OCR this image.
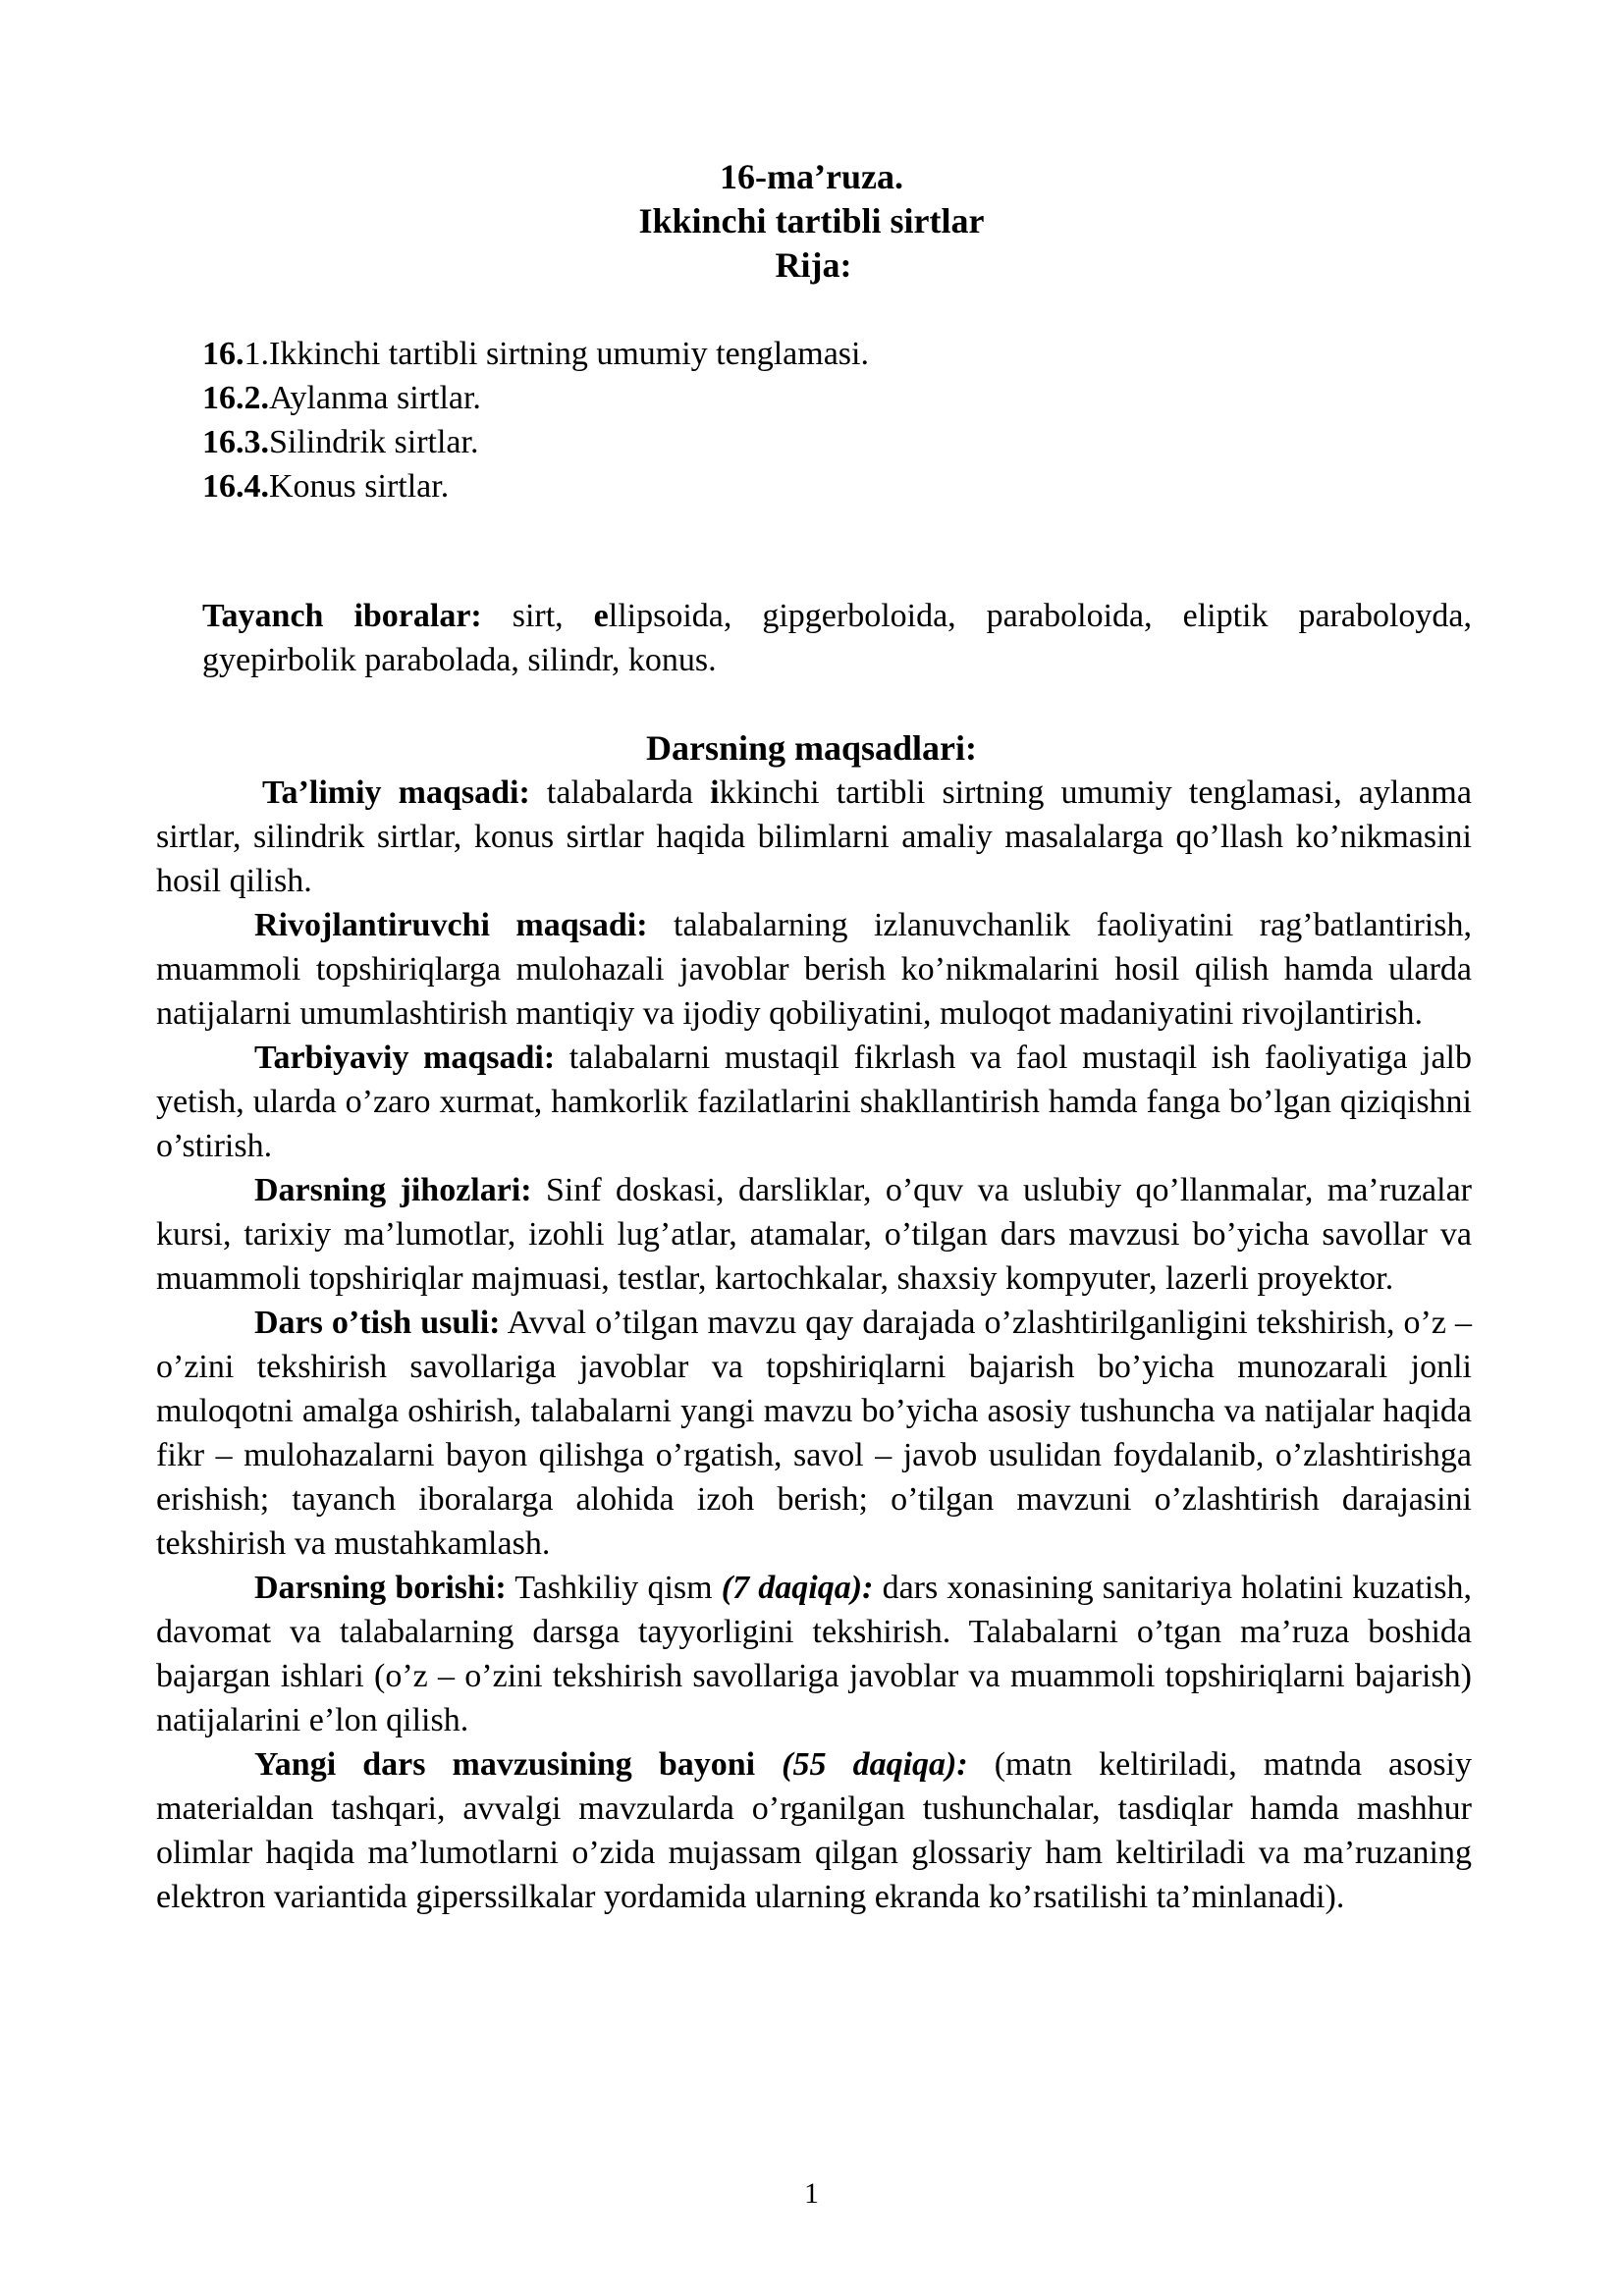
16-ma’ruza.
Ikkinchi tartibli sirtlar
Rija:
16.1.Ikkinchi tartibli sirtning umumiy tenglamasi.
16.2.Aylanma sirtlar.
16.3.Silindrik sirtlar.
16.4.Konus sirtlar.
Tayanch iboralar: sirt, ellipsoida, gipgerboloida, paraboloida, eliptik paraboloyda, gyepirbolik parabolada, silindr, konus.
Darsning maqsadlari:

Ta’limiy maqsadi: talabalarda ikkinchi tartibli sirtning umumiy tenglamasi, aylanma sirtlar, silindrik sirtlar, konus sirtlar haqida bilimlarni amaliy masalalarga qo’llash ko’nikmasini hosil qilish.

Rivojlantiruvchi maqsadi: talabalarning izlanuvchanlik faoliyatini rag’batlantirish, muammoli topshiriqlarga mulohazali javoblar berish ko’nikmalarini hosil qilish hamda ularda natijalarni umumlashtirish mantiqiy va ijodiy qobiliyatini, muloqot madaniyatini rivojlantirish.

Tarbiyaviy maqsadi: talabalarni mustaqil fikrlash va faol mustaqil ish faoliyatiga jalb yetish, ularda o’zaro xurmat, hamkorlik fazilatlarini shakllantirish hamda fanga bo’lgan qiziqishni o’stirish.

Darsning jihozlari: Sinf doskasi, darsliklar, o’quv va uslubiy qo’llanmalar, ma’ruzalar kursi, tarixiy ma’lumotlar, izohli lug’atlar, atamalar, o’tilgan dars mavzusi bo’yicha savollar va muammoli topshiriqlar majmuasi, testlar, kartochkalar, shaxsiy kompyuter, lazerli proyektor.

Dars o’tish usuli: Avval o’tilgan mavzu qay darajada o’zlashtirilganligini tekshirish, o’z – o’zini tekshirish savollariga javoblar va topshiriqlarni bajarish bo’yicha munozarali jonli muloqotni amalga oshirish, talabalarni yangi mavzu bo’yicha asosiy tushuncha va natijalar haqida fikr – mulohazalarni bayon qilishga o’rgatish, savol – javob usulidan foydalanib, o’zlashtirishga erishish; tayanch iboralarga alohida izoh berish; o’tilgan mavzuni o’zlashtirish darajasini tekshirish va mustahkamlash.

Darsning borishi: Tashkiliy qism (7 daqiqa): dars xonasining sanitariya holatini kuzatish, davomat va talabalarning darsga tayyorligini tekshirish. Talabalarni o’tgan ma’ruza boshida bajargan ishlari (o’z – o’zini tekshirish savollariga javoblar va muammoli topshiriqlarni bajarish) natijalarini e’lon qilish.

Yangi dars mavzusining bayoni (55 daqiqa): (matn keltiriladi, matnda asosiy materialdan tashqari, avvalgi mavzularda o’rganilgan tushunchalar, tasdiqlar hamda mashhur olimlar haqida ma’lumotlarni o’zida mujassam qilgan glossariy ham keltiriladi va ma’ruzaning elektron variantida giperssilkalar yordamida ularning ekranda ko’rsatilishi ta’minlanadi).

1
